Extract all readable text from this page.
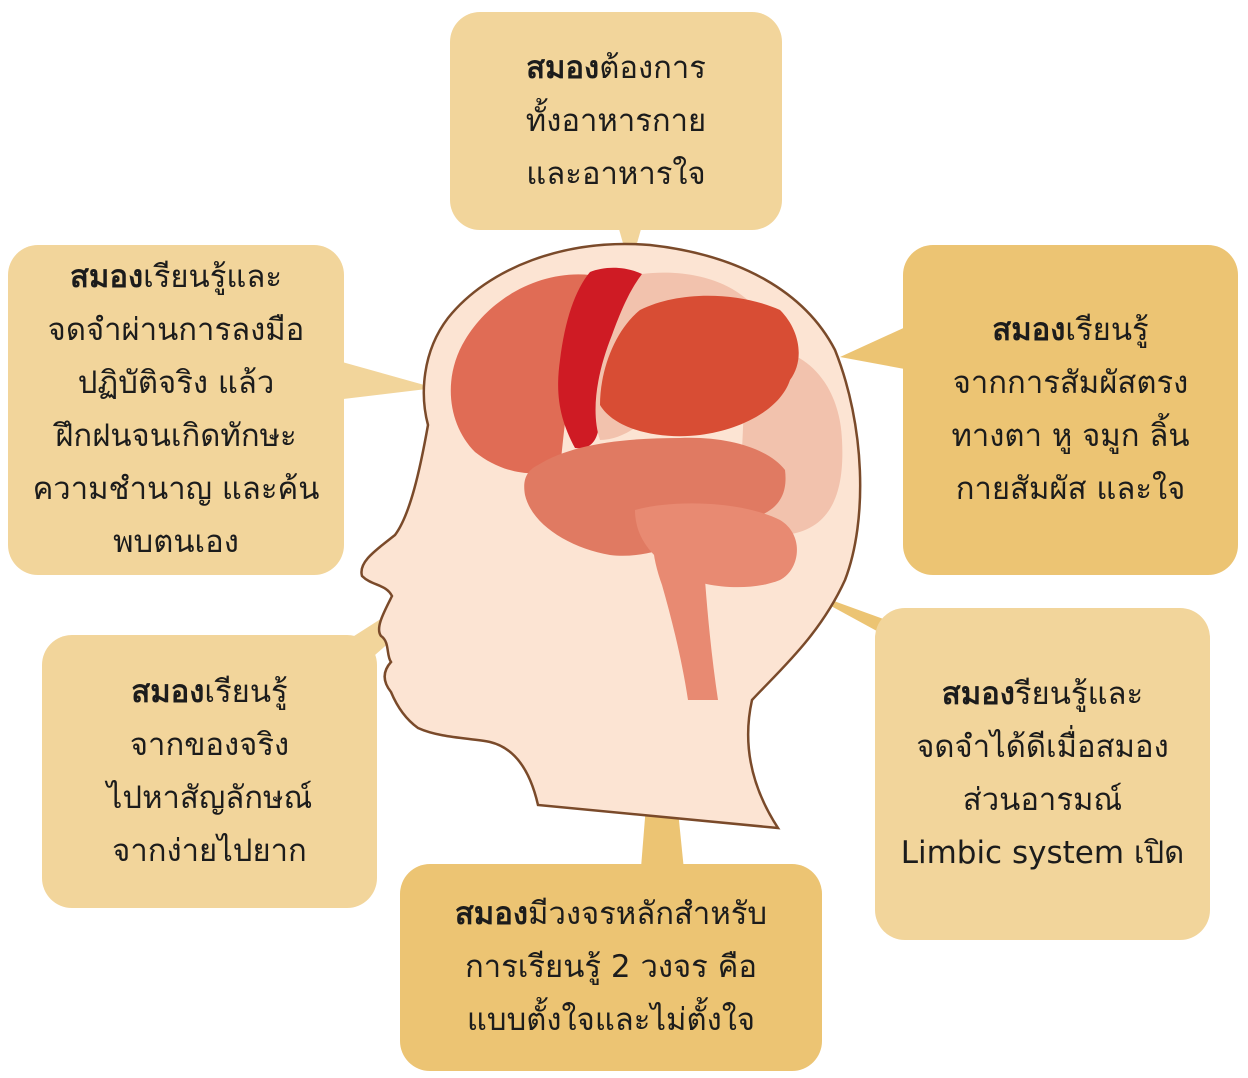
สมองต้องการ
ทั้งอาหารกาย
และอาหารใจ

สมองเรียนรู้และ
จดจำผ่านการลงมือ
ปฏิบัติจริง แล้ว
ฝึกฝนจนเกิดทักษะ
ความชำนาญ และค้น
พบตนเอง

สมองเรียนรู้
จากการสัมผัสตรง
ทางตา หู จมูก ลิ้น
กายสัมผัส และใจ

สมองเรียนรู้
จากของจริง
ไปหาสัญลักษณ์
จากง่ายไปยาก

สมองรียนรู้และ
จดจำได้ดีเมื่อสมอง
ส่วนอารมณ์
Limbic system เปิด

สมองมีวงจรหลักสำหรับ
การเรียนรู้ 2 วงจร คือ
แบบตั้งใจและไม่ตั้งใจ
